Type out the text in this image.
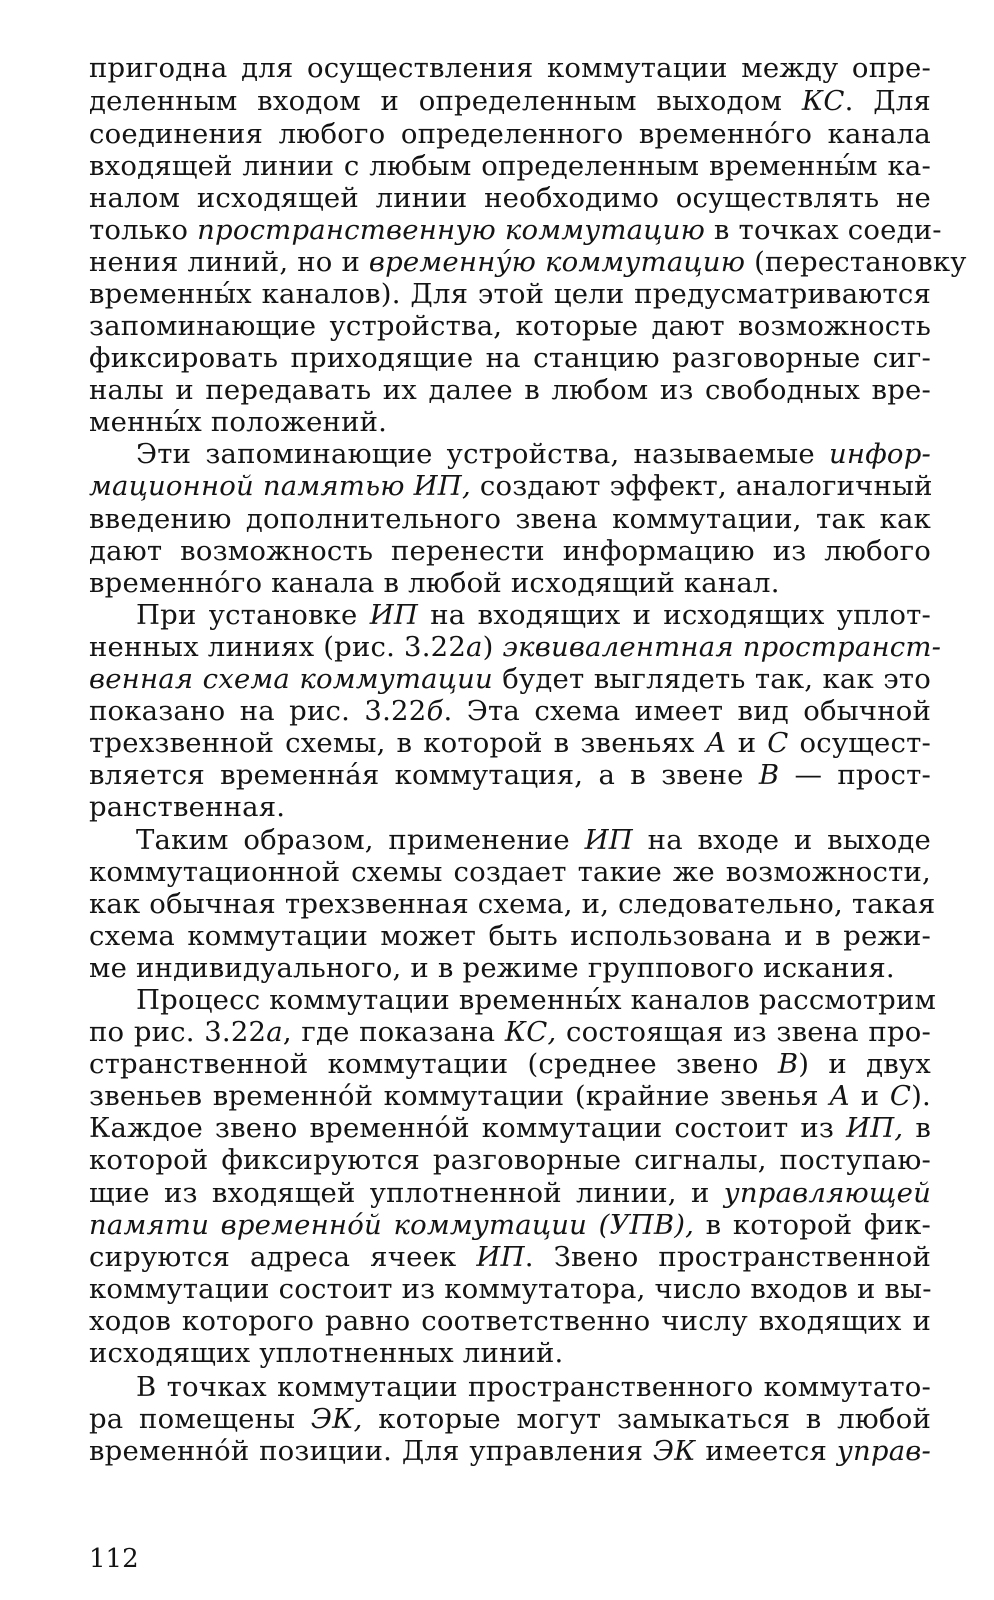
пригодна для осуществления коммутации между опре-
деленным входом и определенным выходом КС. Для
соединения любого определенного временнóго канала
входящей линии с любым определенным временны́м ка-
налом исходящей линии необходимо осуществлять не
только пространственную коммутацию в точках соеди-
нения линий, но и временну́ю коммутацию (перестановку
временны́х каналов). Для этой цели предусматриваются
запоминающие устройства, которые дают возможность
фиксировать приходящие на станцию разговорные сиг-
налы и передавать их далее в любом из свободных вре-
менны́х положений.
Эти запоминающие устройства, называемые инфор-
мационной памятью ИП, создают эффект, аналогичный
введению дополнительного звена коммутации, так как
дают возможность перенести информацию из любого
временнóго канала в любой исходящий канал.
При установке ИП на входящих и исходящих уплот-
ненных линиях (рис. 3.22а) эквивалентная пространст-
венная схема коммутации будет выглядеть так, как это
показано на рис. 3.22б. Эта схема имеет вид обычной
трехзвенной схемы, в которой в звеньях А и С осущест-
вляется временна́я коммутация, а в звене В — прост-
ранственная.
Таким образом, применение ИП на входе и выходе
коммутационной схемы создает такие же возможности,
как обычная трехзвенная схема, и, следовательно, такая
схема коммутации может быть использована и в режи-
ме индивидуального, и в режиме группового искания.
Процесс коммутации временны́х каналов рассмотрим
по рис. 3.22а, где показана КС, состоящая из звена про-
странственной коммутации (среднее звено В) и двух
звеньев временнóй коммутации (крайние звенья А и С).
Каждое звено временнóй коммутации состоит из ИП, в
которой фиксируются разговорные сигналы, поступаю-
щие из входящей уплотненной линии, и управляющей
памяти временнóй коммутации (УПВ), в которой фик-
сируются адреса ячеек ИП. Звено пространственной
коммутации состоит из коммутатора, число входов и вы-
ходов которого равно соответственно числу входящих и
исходящих уплотненных линий.
В точках коммутации пространственного коммутато-
ра помещены ЭК, которые могут замыкаться в любой
временнóй позиции. Для управления ЭК имеется управ-
112
